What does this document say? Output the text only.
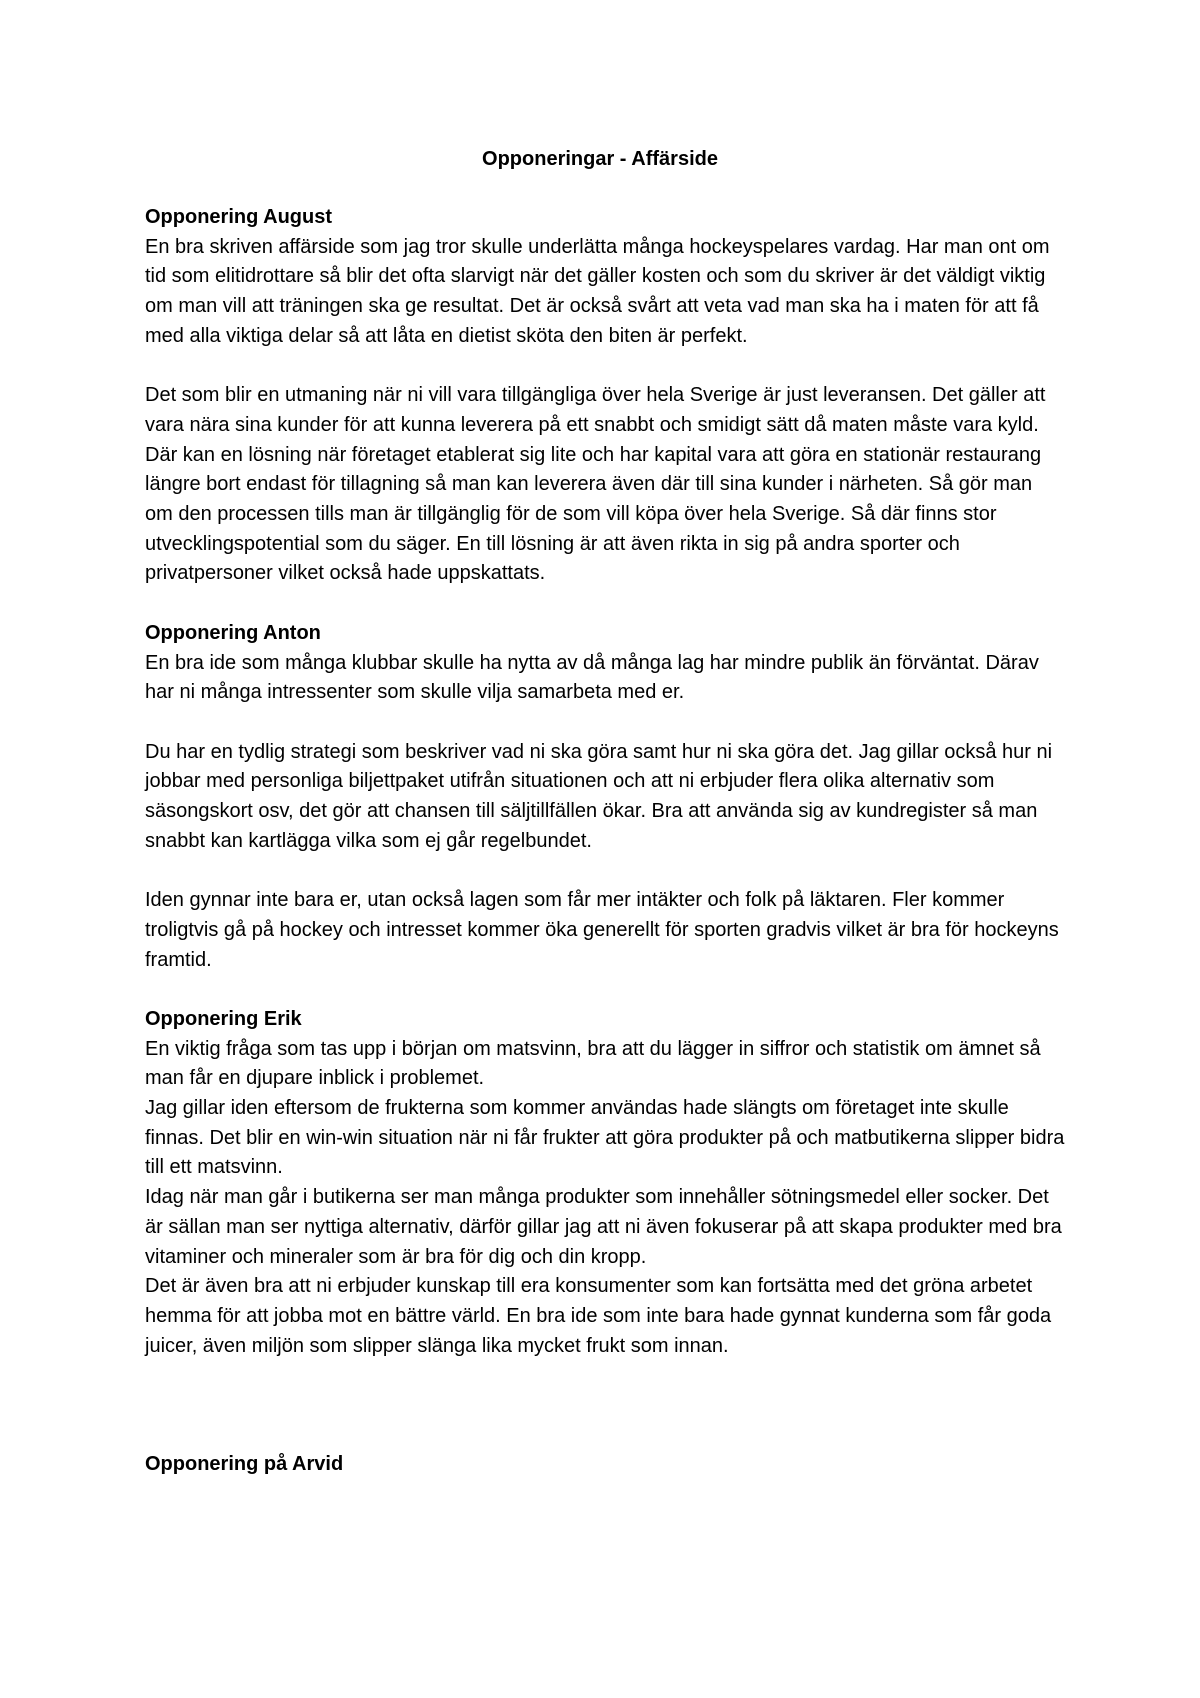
Opponeringar - Affärside
Opponering August

En bra skriven affärside som jag tror skulle underlätta många hockeyspelares vardag. Har man ont om tid som elitidrottare så blir det ofta slarvigt när det gäller kosten och som du skriver är det väldigt viktig om man vill att träningen ska ge resultat. Det är också svårt att veta vad man ska ha i maten för att få med alla viktiga delar så att låta en dietist sköta den biten är perfekt.

Det som blir en utmaning när ni vill vara tillgängliga över hela Sverige är just leveransen. Det gäller att vara nära sina kunder för att kunna leverera på ett snabbt och smidigt sätt då maten måste vara kyld. Där kan en lösning när företaget etablerat sig lite och har kapital vara att göra en stationär restaurang längre bort endast för tillagning så man kan leverera även där till sina kunder i närheten. Så gör man om den processen tills man är tillgänglig för de som vill köpa över hela Sverige. Så där finns stor utvecklingspotential som du säger. En till lösning är att även rikta in sig på andra sporter och privatpersoner vilket också hade uppskattats.

Opponering Anton

En bra ide som många klubbar skulle ha nytta av då många lag har mindre publik än förväntat. Därav har ni många intressenter som skulle vilja samarbeta med er.

Du har en tydlig strategi som beskriver vad ni ska göra samt hur ni ska göra det. Jag gillar också hur ni jobbar med personliga biljettpaket utifrån situationen och att ni erbjuder flera olika alternativ som säsongskort osv, det gör att chansen till säljtillfällen ökar. Bra att använda sig av kundregister så man snabbt kan kartlägga vilka som ej går regelbundet.

Iden gynnar inte bara er, utan också lagen som får mer intäkter och folk på läktaren. Fler kommer troligtvis gå på hockey och intresset kommer öka generellt för sporten gradvis vilket är bra för hockeyns framtid.

Opponering Erik

En viktig fråga som tas upp i början om matsvinn, bra att du lägger in siffror och statistik om ämnet så man får en djupare inblick i problemet.

Jag gillar iden eftersom de frukterna som kommer användas hade slängts om företaget inte skulle finnas. Det blir en win-win situation när ni får frukter att göra produkter på och matbutikerna slipper bidra till ett matsvinn.

Idag när man går i butikerna ser man många produkter som innehåller sötningsmedel eller socker. Det är sällan man ser nyttiga alternativ, därför gillar jag att ni även fokuserar på att skapa produkter med bra vitaminer och mineraler som är bra för dig och din kropp.

Det är även bra att ni erbjuder kunskap till era konsumenter som kan fortsätta med det gröna arbetet hemma för att jobba mot en bättre värld. En bra ide som inte bara hade gynnat kunderna som får goda juicer, även miljön som slipper slänga lika mycket frukt som innan.

Opponering på Arvid
